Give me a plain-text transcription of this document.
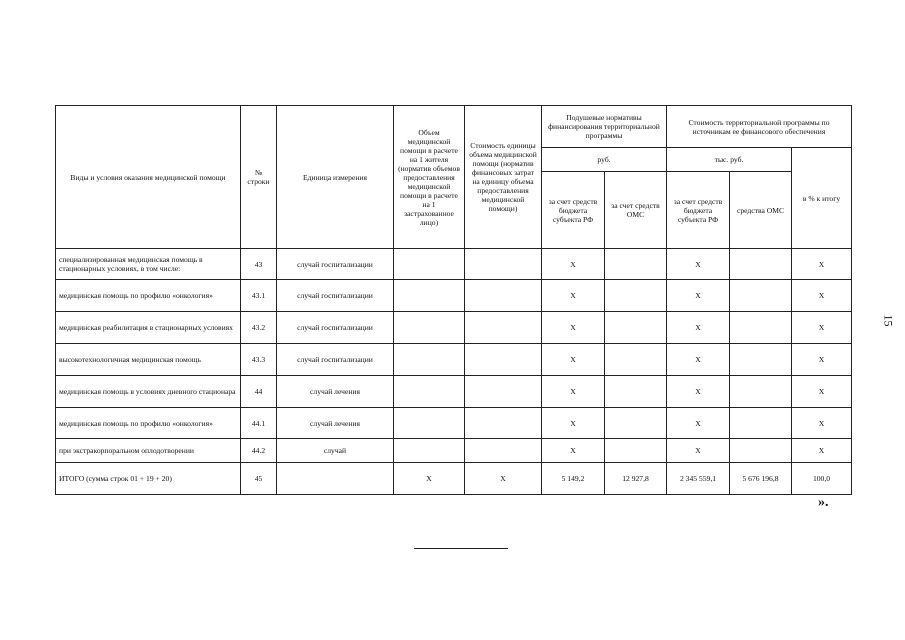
15
Виды и условия оказания медицинской помощи	№ строки	Единица измерения	Объем медицинской помощи в расчете на 1 жителя (норматив объемов предоставления медицинской помощи в расчете на 1 застрахованное лицо)	Стоимость единицы объема медицинской помощи (норматив финансовых затрат на единицу объема предоставления медицинской помощи)	Подушевые нормативы финансирования территориальной программы		Стоимость территориальной программы по источникам ее финансового обеспечения		
					руб.		тыс. руб.		в % к итогу
					за счет средств бюджета субъекта РФ	за счет средств ОМС	за счет средств бюджета субъекта РФ	средства ОМС	
специализированная медицинская помощь в стационарных условиях, в том числе:	43	случай госпитализации			X		X		X
медицинская помощь по профилю «онкология»	43.1	случай госпитализации			X		X		X
медицинская реабилитация в стационарных условиях	43.2	случай госпитализации			X		X		X
высокотехнологичная медицинская помощь	43.3	случай госпитализации			X		X		X
медицинская помощь в условиях дневного стационара	44	случай лечения			X		X		X
медицинская помощь по профилю «онкология»	44.1	случай лечения			X		X		X
при экстракорпоральном оплодотворении	44.2	случай			X		X		X
ИТОГО (сумма строк 01 + 19 + 20)	45		X	X	5 149,2	12 927,8	2 345 559,1	5 676 196,8	100,0
».
